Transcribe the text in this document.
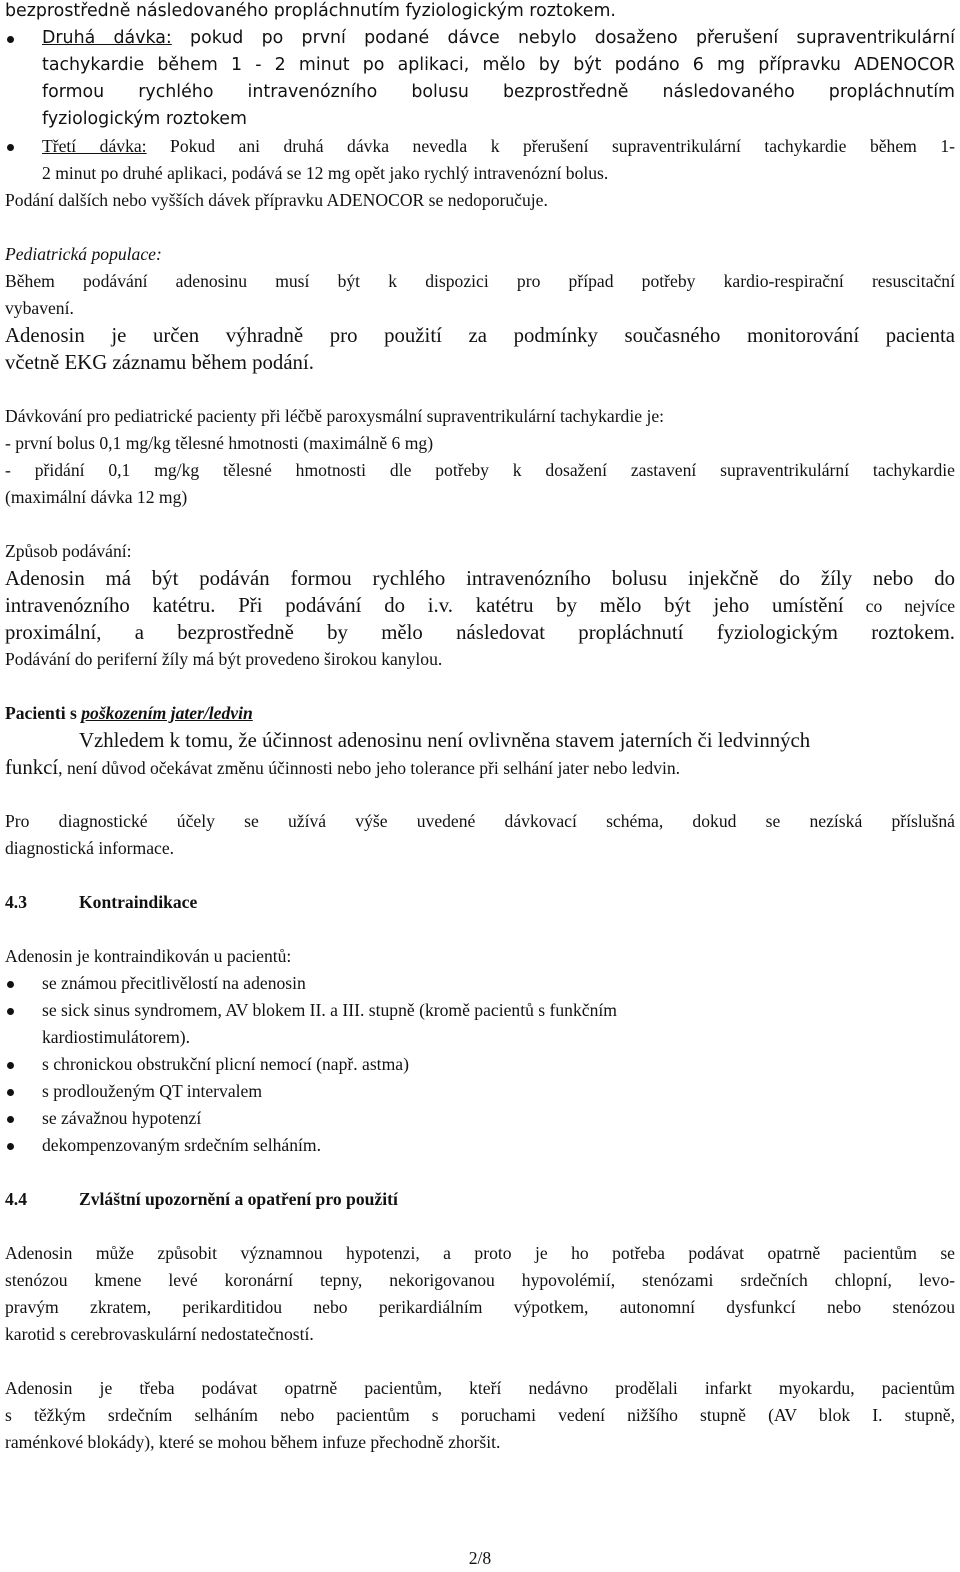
bezprostředně následovaného propláchnutím fyziologickým roztokem.
Druhá dávka: pokud po první podané dávce nebylo dosaženo přerušení supraventrikulární
tachykardie během 1 - 2 minut po aplikaci, mělo by být podáno 6 mg přípravku ADENOCOR
formou rychlého intravenózního bolusu bezprostředně následovaného propláchnutím
fyziologickým roztokem
Třetí dávka: Pokud ani druhá dávka nevedla k přerušení supraventrikulární tachykardie během 1-
2 minut po druhé aplikaci, podává se 12 mg opět jako rychlý intravenózní bolus.
Podání dalších nebo vyšších dávek přípravku ADENOCOR se nedoporučuje.
Pediatrická populace:
Během podávání adenosinu musí být k dispozici pro případ potřeby kardio-respirační resuscitační
vybavení.
Adenosin je určen výhradně pro použití za podmínky současného monitorování pacienta
včetně EKG záznamu během podání.
Dávkování pro pediatrické pacienty při léčbě paroxysmální supraventrikulární tachykardie je:
- první bolus 0,1 mg/kg tělesné hmotnosti (maximálně 6 mg)
- přidání 0,1 mg/kg tělesné hmotnosti dle potřeby k dosažení zastavení supraventrikulární tachykardie
(maximální dávka 12 mg)
Způsob podávání:
Adenosin má být podáván formou rychlého intravenózního bolusu injekčně do žíly nebo do
intravenózního katétru. Při podávání do i.v. katétru by mělo být jeho umístění co nejvíce
proximální, a bezprostředně by mělo následovat propláchnutí fyziologickým roztokem.
Podávání do periferní žíly má být provedeno širokou kanylou.
Pacienti s poškozením jater/ledvin
Vzhledem k tomu, že účinnost adenosinu není ovlivněna stavem jaterních či ledvinných
funkcí, není důvod očekávat změnu účinnosti nebo jeho tolerance při selhání jater nebo ledvin.
Pro diagnostické účely se užívá výše uvedené dávkovací schéma, dokud se nezíská příslušná
diagnostická informace.
4.3	Kontraindikace
Adenosin je kontraindikován u pacientů:
se známou přecitlivělostí na adenosin
se sick sinus syndromem, AV blokem II. a III. stupně (kromě pacientů s funkčním
kardiostimulátorem).
s chronickou obstrukční plicní nemocí (např. astma)
s prodlouženým QT intervalem
se závažnou hypotenzí
dekompenzovaným srdečním selháním.
4.4	Zvláštní upozornění a opatření pro použití
Adenosin může způsobit významnou hypotenzi, a proto je ho potřeba podávat opatrně pacientům se
stenózou kmene levé koronární tepny, nekorigovanou hypovolémií, stenózami srdečních chlopní, levo-
pravým zkratem, perikarditidou nebo perikardiálním výpotkem, autonomní dysfunkcí nebo stenózou
karotid s cerebrovaskulární nedostatečností.
Adenosin je třeba podávat opatrně pacientům, kteří nedávno prodělali infarkt myokardu, pacientům
s těžkým srdečním selháním nebo pacientům s poruchami vedení nižšího stupně (AV blok I. stupně,
raménkové blokády), které se mohou během infuze přechodně zhoršit.
2/8
